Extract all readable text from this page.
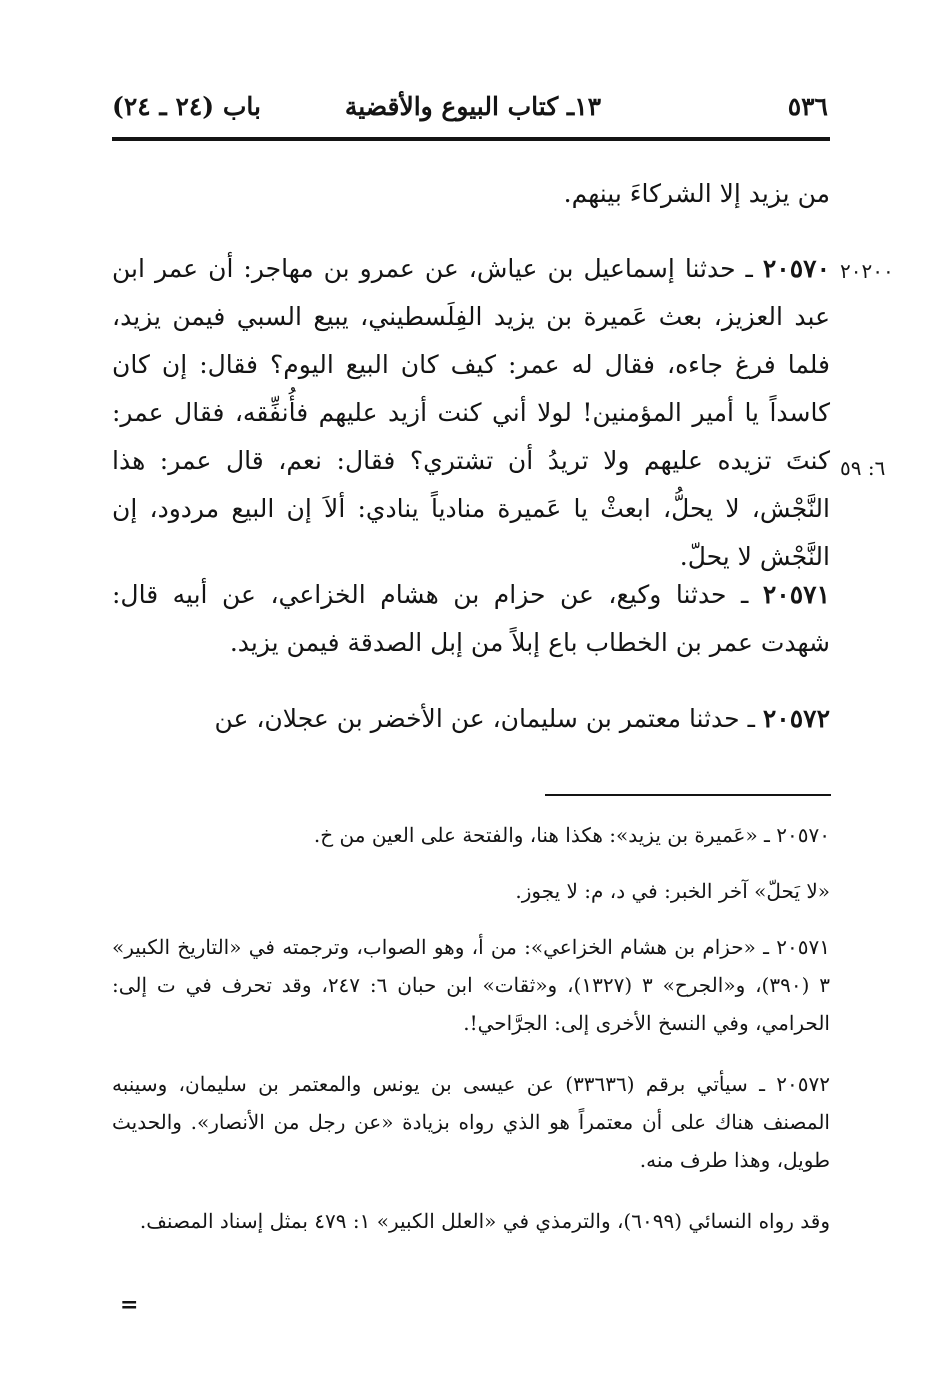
٥٣٦
١٣ـ كتاب البيوع والأقضية
باب (٢٤ ـ ٢٤)

من يزيد إلا الشركاءَ بينهم.

٢٠٥٧٠ ـ حدثنا إسماعيل بن عياش، عن عمرو بن مهاجر: أن عمر ابن عبد العزيز، بعث عَميرة بن يزيد الفِلَسطيني، يبيع السبي فيمن يزيد، فلما فرغ جاءه، فقال له عمر: كيف كان البيع اليوم؟ فقال: إن كان كاسداً يا أمير المؤمنين! لولا أني كنت أزيد عليهم فأُنفِّقه، فقال عمر: كنتَ تزيده عليهم ولا تريدُ أن تشتري؟ فقال: نعم، قال عمر: هذا النَّجْش، لا يحلُّ، ابعثْ يا عَميرة منادياً ينادي: ألاَ إن البيع مردود، إن النَّجْش لا يحلّ.

٢٠٥٧١ ـ حدثنا وكيع، عن حزام بن هشام الخزاعي، عن أبيه قال: شهدت عمر بن الخطاب باع إبلاً من إبل الصدقة فيمن يزيد.

٢٠٥٧٢ ـ حدثنا معتمر بن سليمان، عن الأخضر بن عجلان، عن

٢٠٢٠٠
٦: ٥٩

٢٠٥٧٠ ـ «عَميرة بن يزيد»: هكذا هنا، والفتحة على العين من خ.

«لا يَحلّ» آخر الخبر: في د، م: لا يجوز.

٢٠٥٧١ ـ «حزام بن هشام الخزاعي»: من أ، وهو الصواب، وترجمته في «التاريخ الكبير» ٣ (٣٩٠)، و«الجرح» ٣ (١٣٢٧)، و«ثقات» ابن حبان ٦: ٢٤٧، وقد تحرف في ت إلى: الحرامي، وفي النسخ الأخرى إلى: الجرَّاحي!.

٢٠٥٧٢ ـ سيأتي برقم (٣٣٦٣٦) عن عيسى بن يونس والمعتمر بن سليمان، وسينبه المصنف هناك على أن معتمراً هو الذي رواه بزيادة «عن رجل من الأنصار». والحديث طويل، وهذا طرف منه.

وقد رواه النسائي (٦٠٩٩)، والترمذي في «العلل الكبير» ١: ٤٧٩ بمثل إسناد المصنف.

=
